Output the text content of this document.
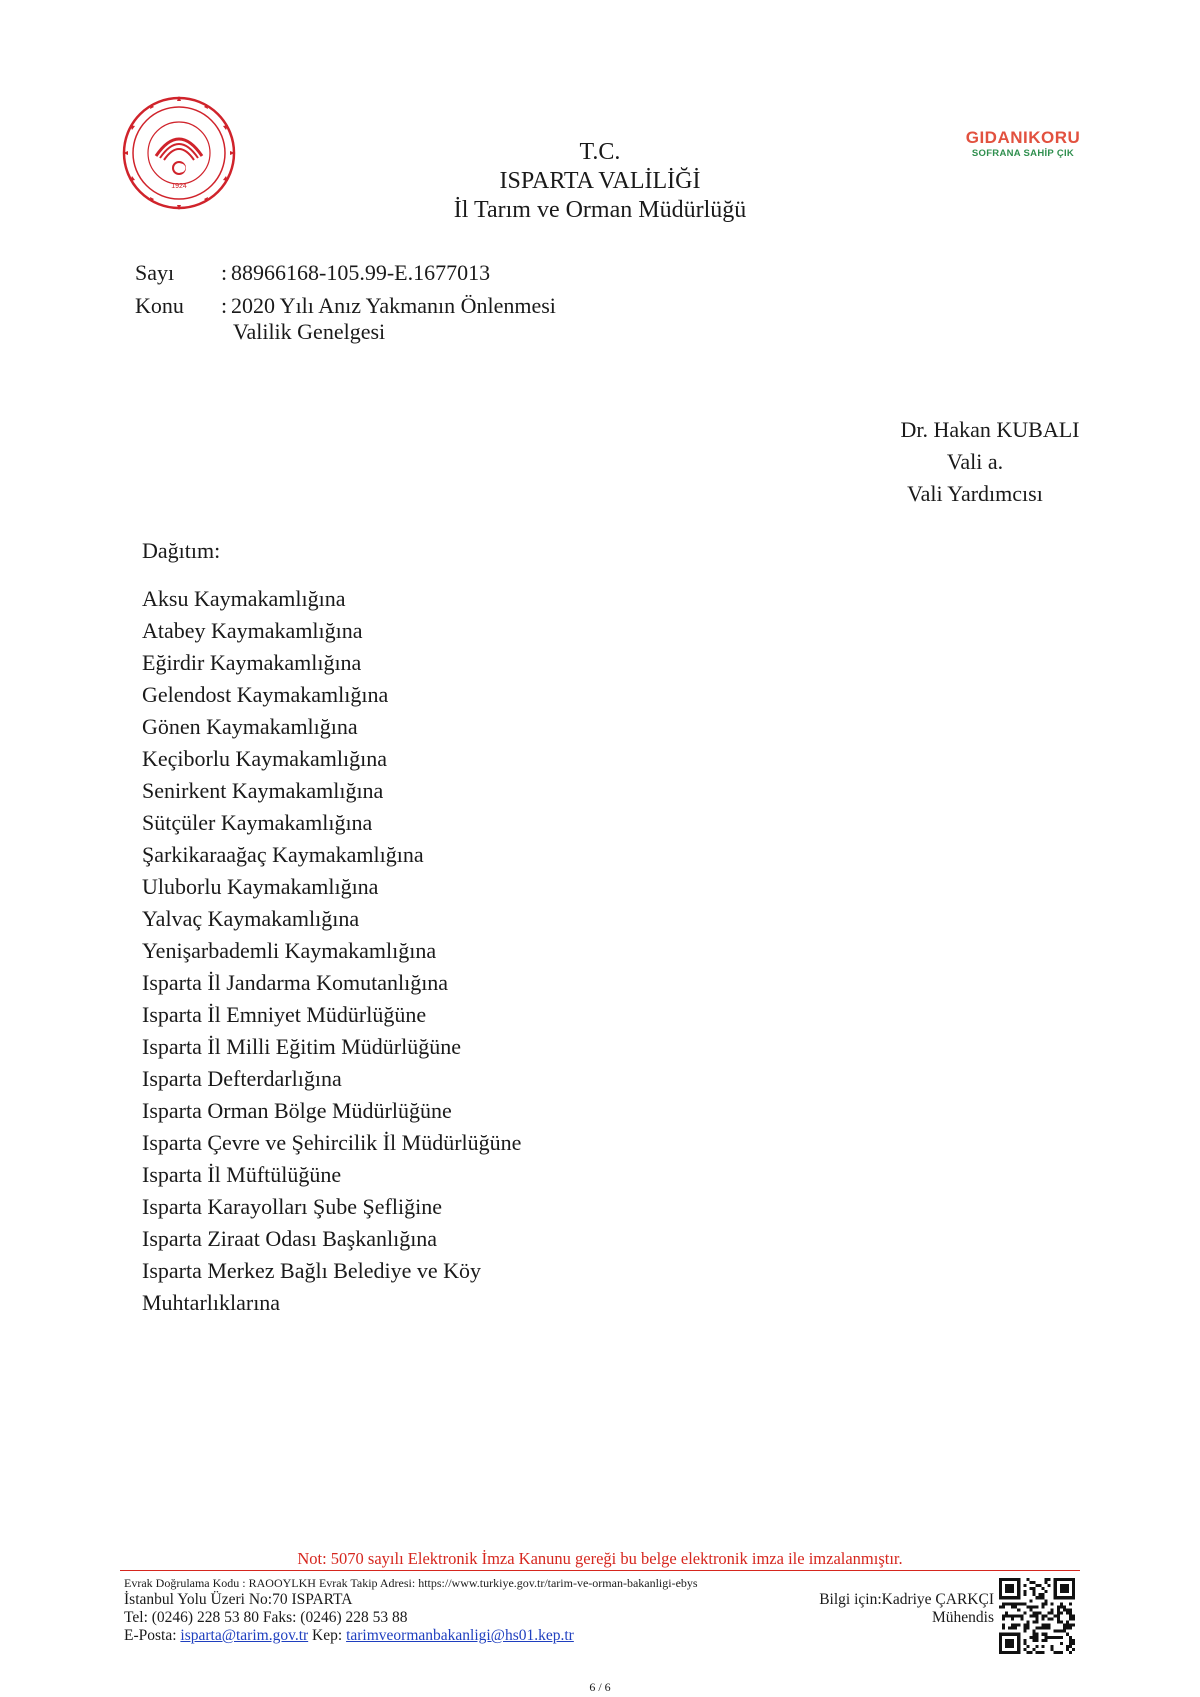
1924
GIDANIKORU
SOFRANA SAHİP ÇIK
T.C.
ISPARTA VALİLİĞİ
İl Tarım ve Orman Müdürlüğü
Sayı	: 88966168-105.99-E.1677013
Konu	: 2020 Yılı Anız Yakmanın Önlenmesi
Valilik Genelgesi
Dr. Hakan KUBALI
Vali a.
Vali Yardımcısı
Dağıtım:
Aksu Kaymakamlığına
Atabey Kaymakamlığına
Eğirdir Kaymakamlığına
Gelendost Kaymakamlığına
Gönen Kaymakamlığına
Keçiborlu Kaymakamlığına
Senirkent Kaymakamlığına
Sütçüler Kaymakamlığına
Şarkikaraağaç Kaymakamlığına
Uluborlu Kaymakamlığına
Yalvaç Kaymakamlığına
Yenişarbademli Kaymakamlığına
Isparta İl Jandarma Komutanlığına
Isparta İl Emniyet Müdürlüğüne
Isparta İl Milli Eğitim Müdürlüğüne
Isparta Defterdarlığına
Isparta Orman Bölge Müdürlüğüne
Isparta Çevre ve Şehircilik İl Müdürlüğüne
Isparta İl Müftülüğüne
Isparta Karayolları Şube Şefliğine
Isparta Ziraat Odası Başkanlığına
Isparta Merkez Bağlı Belediye ve Köy
Muhtarlıklarına
Not: 5070 sayılı Elektronik İmza Kanunu gereği bu belge elektronik imza ile imzalanmıştır.
Evrak Doğrulama Kodu : RAOOYLKH Evrak Takip Adresi: https://www.turkiye.gov.tr/tarim-ve-orman-bakanligi-ebys
İstanbul Yolu Üzeri No:70 ISPARTA	Bilgi için:Kadriye ÇARKÇI
Tel: (0246) 228 53 80 Faks: (0246) 228 53 88	Mühendis
E-Posta: isparta@tarim.gov.tr Kep: tarimveormanbakanligi@hs01.kep.tr
6 / 6
